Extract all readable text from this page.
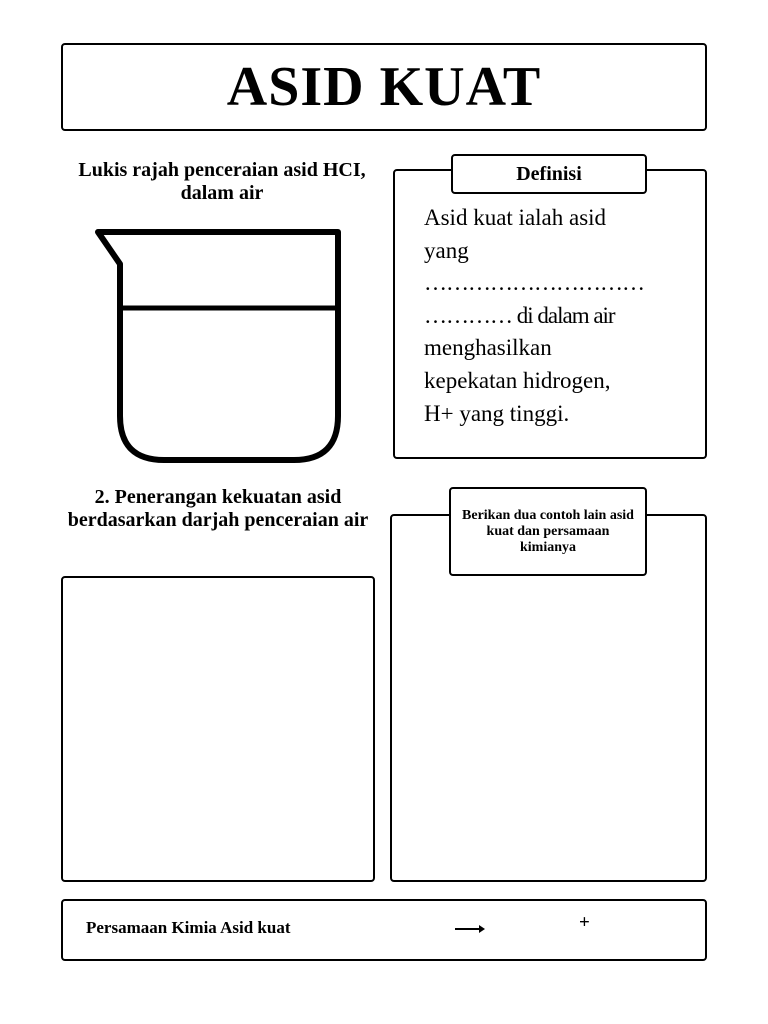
ASID KUAT
Lukis rajah penceraian asid HCI, dalam air
Definisi
Asid kuat ialah asid
yang
…………………………
………… di dalam air
menghasilkan
kepekatan hidrogen,
H+ yang tinggi.
2. Penerangan kekuatan asid berdasarkan darjah penceraian air	Berikan dua contoh lain asid kuat dan persamaan kimianya
Persamaan Kimia Asid kuat	+
